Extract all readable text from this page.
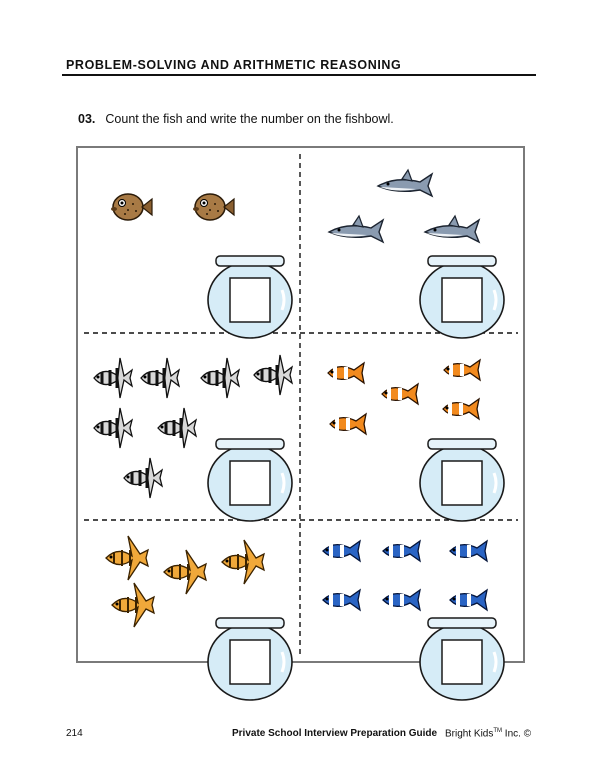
PROBLEM-SOLVING AND ARITHMETIC REASONING
03. Count the fish and write the number on the fishbowl.
214	Private School Interview Preparation Guide Bright Kids™ Inc. ©
